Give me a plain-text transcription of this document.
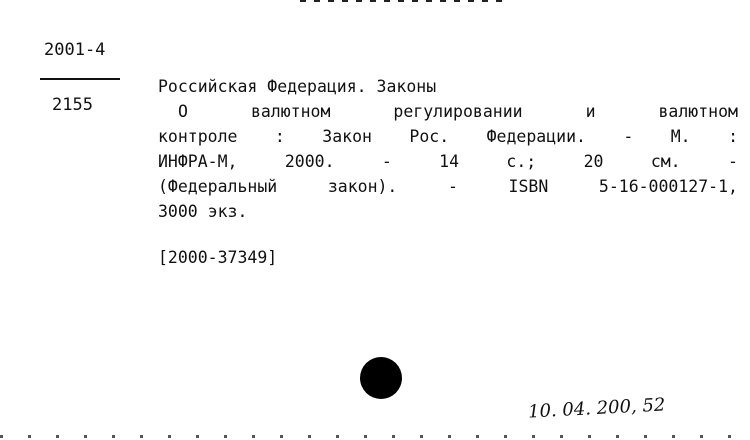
2001-4
2155
Российская Федерация. Законы
О	валютном	регулировании	и	валютном
контроле : Закон Рос. Федерации. - М. :
ИНФРА-М,	2000.	-	14	с.;	20	см.	-
(Федеральный	закон).	-	ISBN	5-16-000127-1,
3000 экз.
[2000-37349]
10. 04. 200, 52
